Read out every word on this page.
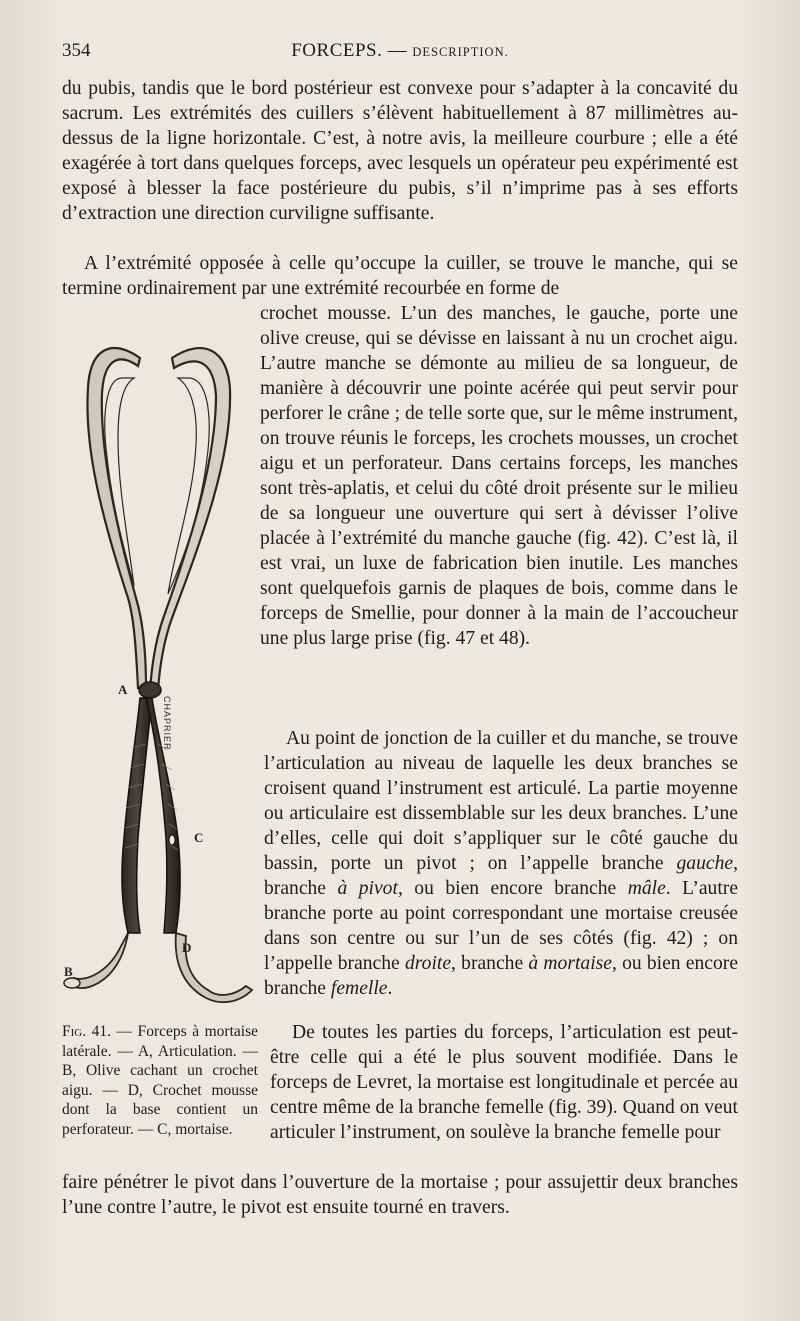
354	FORCEPS. — DESCRIPTION.

du pubis, tandis que le bord postérieur est convexe pour s’adapter à la concavité du sacrum. Les extrémités des cuillers s’élèvent habituellement à 87 millimètres au-dessus de la ligne horizontale. C’est, à notre avis, la meilleure courbure ; elle a été exagérée à tort dans quelques forceps, avec lesquels un opérateur peu expérimenté est exposé à blesser la face postérieure du pubis, s’il n’imprime pas à ses efforts d’extraction une direction curviligne suffisante.

A l’extrémité opposée à celle qu’occupe la cuiller, se trouve le manche, qui se termine ordinairement par une extrémité recourbée en forme de

crochet mousse. L’un des manches, le gauche, porte une olive creuse, qui se dévisse en laissant à nu un crochet aigu. L’autre manche se démonte au milieu de sa longueur, de manière à découvrir une pointe acérée qui peut servir pour perforer le crâne ; de telle sorte que, sur le même instrument, on trouve réunis le forceps, les crochets mousses, un crochet aigu et un perforateur. Dans certains forceps, les manches sont très-aplatis, et celui du côté droit présente sur le milieu de sa longueur une ouverture qui sert à dévisser l’olive placée à l’extrémité du manche gauche (fig. 42). C’est là, il est vrai, un luxe de fabrication bien inutile. Les manches sont quelquefois garnis de plaques de bois, comme dans le forceps de Smellie, pour donner à la main de l’accoucheur une plus large prise (fig. 47 et 48).

Au point de jonction de la cuiller et du manche, se trouve l’articulation au niveau de laquelle les deux branches se croisent quand l’instrument est articulé. La partie moyenne ou articulaire est dissemblable sur les deux branches. L’une d’elles, celle qui doit s’appliquer sur le côté gauche du bassin, porte un pivot ; on l’appelle branche gauche, branche à pivot, ou bien encore branche mâle. L’autre branche porte au point correspondant une mortaise creusée dans son centre ou sur l’un de ses côtés (fig. 42) ; on l’appelle branche droite, branche à mortaise, ou bien encore branche femelle.

De toutes les parties du forceps, l’articulation est peut-être celle qui a été le plus souvent modifiée. Dans le forceps de Levret, la mortaise est longitudinale et percée au centre même de la branche femelle (fig. 39). Quand on veut articuler l’instrument, on soulève la branche femelle pour

faire pénétrer le pivot dans l’ouverture de la mortaise ; pour assujettir deux branches l’une contre l’autre, le pivot est ensuite tourné en travers.

A
B
C
D
CHAPRIER
Fig. 41. — Forceps à mortaise latérale. — A, Articulation. — B, Olive cachant un crochet aigu. — D, Crochet mousse dont la base contient un perforateur. — C, mortaise.
